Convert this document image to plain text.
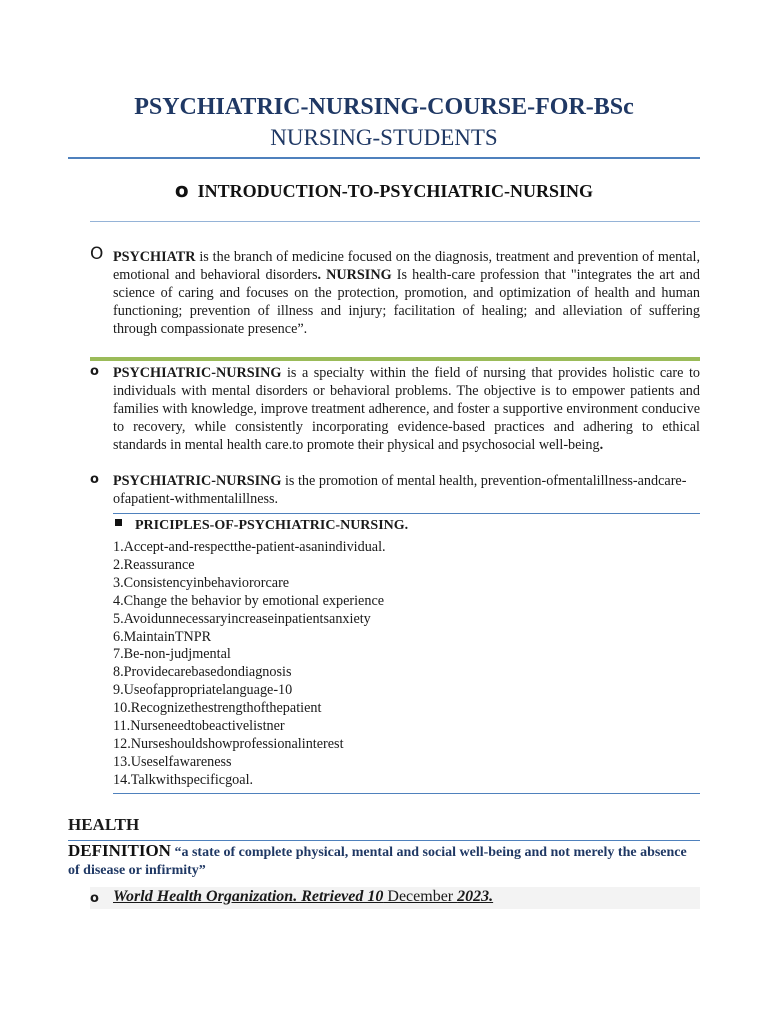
PSYCHIATRIC-NURSING-COURSE-FOR-BSc
NURSING-STUDENTS
o INTRODUCTION-TO-PSYCHIATRIC-NURSING
O PSYCHIATR is the branch of medicine focused on the diagnosis, treatment and prevention of mental, emotional and behavioral disorders. NURSING Is health-care profession that "integrates the art and science of caring and focuses on the protection, promotion, and optimization of health and human functioning; prevention of illness and injury; facilitation of healing; and alleviation of suffering through compassionate presence”.
o PSYCHIATRIC-NURSING is a specialty within the field of nursing that provides holistic care to individuals with mental disorders or behavioral problems. The objective is to empower patients and families with knowledge, improve treatment adherence, and foster a supportive environment conducive to recovery, while consistently incorporating evidence-based practices and adhering to ethical standards in mental health care.to promote their physical and psychosocial well-being.
o PSYCHIATRIC-NURSING is the promotion of mental health, prevention-ofmentalillness-andcare-ofapatient-withmentalillness.
PRICIPLES-OF-PSYCHIATRIC-NURSING.
1.Accept-and-respectthe-patient-asanindividual.
2.Reassurance
3.Consistencyinbehaviororcare
4.Change the behavior by emotional experience
5.Avoidunnecessaryincreaseinpatientsanxiety
6.MaintainTNPR
7.Be-non-judjmental
8.Providecarebasedondiagnosis
9.Useofappropriatelanguage-10
10.Recognizethestrengthofthepatient
11.Nurseneedtobeactivelistner
12.Nurseshouldshowprofessionalinterest
13.Useselfawareness
14.Talkwithspecificgoal.
HEALTH
DEFINITION “a state of complete physical, mental and social well-being and not merely the absence of disease or infirmity”
o World Health Organization. Retrieved 10 December 2023.
